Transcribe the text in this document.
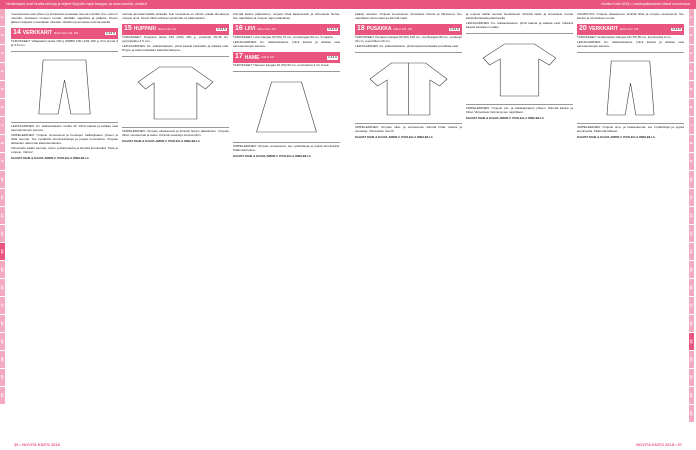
Neuleohjeet ovat Novita-lankoja ja ohjeet löytyvät myös kauppa- ja www-sivuilta, novita.fi	Novita Knits 2018 • Lastenpakkaukset tässä numerossa
1
2
3
4
5
6
7
8
9
10
11
12
13
14
15
16
17
18
19
20
21
22
1
2
3
4
5
6
7
8
9
10
11
12
13
14
15
16
17
18
19
20
21
22
23

muodostuvat osat yhteen ja silmukoita neulotaan tasona kuviolla. Kun osat on neulottu, kudotaan neuleen reunat, tehdään nappilista ja pääntie. Pesun jälkeen kappale muotoillaan oikeisiin mittoihin ja annetaan kuivua tasolla.

14 VERKKARIT MALLI 103, 104, 105	1-14 V

TARVIKKEET: Villapaidan lanka 100 g (80/85) 100 (140) 180 g; Knit pinnat 3 ja 3,5 mm.

LEIKKAAMINEN: Ks. leikkauskaavio sivulla 40. Piirrä kaavat ja leikkaa osat saumanvarojen kanssa.

OMPELEMINEN: Ompele sivusaumat ja housujen välikappaleet yhteen ja silitä saumat. Tee vyötärölle kuminauhakuja ja pujota kuminauha. Ompele lahkeiden alareunat kaksinkertaisina.

Viimeistele kaikki saumat, neulo vyötärönauha ja kiinnitä kuminauha. Taita ja ompele. Valmis!

KAAVAT OHJE & KAAVA-ARKIN 2. PUOLELLA ONELEILLA

neulota silmukat kaikilla puikoilla. Kun neulepinta on valmis, päätä silmukat ja ompele sivut. Neulo hihat erikseen ja kiinnitä ne kädenteisiin.

15 HUPPARI MALLI 120, 121	1-14 V

TARVIKKEET: Hupparin lanka 150 (200) 250 g, vetoketju 35-45 cm, pyöröpuikko 3,5 mm.

LEIKKAAMINEN: Ks. leikkauskaavio, piirrä kaavat kankaalle ja leikkaa osat. Huppu ja tasku leikataan kaksinkertaisena.

OMPELEMINEN: Ompele olkasaumat ja kiinnitä huppu pääntiehen. Ompele hihat, sivusaumat ja tasku. Kiinnitä vetoketju etureunoihin.

KAAVAT OHJE & KAAVA-ARKIN 2. PUOLELLA ONELEILLA

Kiinnitä kaulus pääntiehen, ompele hihat kädenteisiin ja viimeistele helma. Tee napinlävet ja ompele napit paikoilleen.

16 LIIVI MALLI 122, 123	1-14 V

TARVIKKEET: Liivin kangas 50 (60) 70 cm, vuorikangas 50 cm, 5 nappia.

LEIKKAAMINEN: Ks. leikkauskaavio, piirrä kaavat ja leikkaa osat saumanvarojen kanssa.

17 HAME MALLI 124	1-14 V

TARVIKKEET: Hameen kangas 40 (50) 60 cm, kuminauha 2 cm leveä.

OMPELEMINEN: Ompele sivusaumat, tee vyötärökuja ja pujota kuminauha. Päärmää helma.

KAAVAT OHJE & KAAVA-ARKIN 2. PUOLELLA ONELEILLA

päädyt neulottu. Ompele sivusaumat, viimeistele helmat ja hihansuut. Tee napinlävet etureunaan ja kiinnitä napit.

18 PUSAKKA MALLI 125, 126	1-14 V

TARVIKKEET: Pusakan kangas 80 (90) 100 cm, vuorikangas 80 cm, vetoketju 40 cm, resoritrikoo 20 cm.

LEIKKAAMINEN: Ks. leikkauskaavio, piirrä kaavat kankaalle ja leikkaa osat.

OMPELEMINEN: Ompele olka- ja sivusaumat, kiinnitä hihat, kaulus ja vetoketju. Viimeistele resorit.

KAAVAT OHJE & KAAVA-ARKIN 2. PUOLELLA ONELEILLA

ja ompele kaikki saumat huolellisesti. Kiinnitä tasku ja viimeistele reunat kaksinkertaisella päärmeellä.

LEIKKAAMINEN: Ks. leikkauskaavio, piirrä kaavat ja leikkaa osat. Käännä kaavat kankaan nurjalle.

OMPELEMINEN: Ompele etu- ja takakappaleet yhteen. Kiinnitä kaulus ja hihat. Viimeistele helmat ja tee napinlävet.

KAAVAT OHJE & KAAVA-ARKIN 2. PUOLELLA ONELEILLA

VALMISTUS: Ompele olkasaumat, kiinnitä hihat ja ompele sivusaumat. Tee kaulus ja viimeistele reunat.

20 VERKKARIT MALLI 127, 128	1-14 V

TARVIKKEET: Verkkareiden kangas 60 (70) 80 cm, kuminauha 2 cm.

LEIKKAAMINEN: Ks. leikkauskaavio, piirrä kaavat ja leikkaa osat saumanvarojen kanssa.

OMPELEMINEN: Ompele sivu- ja haarasaumat, tee vyötärökuja ja pujota kuminauha. Päärmää lahkeet.

KAAVAT OHJE & KAAVA-ARKIN 2. PUOLELLA ONELEILLA
36 • NOVITA KNITS 2018	NOVITA KNITS 2018 • 37
